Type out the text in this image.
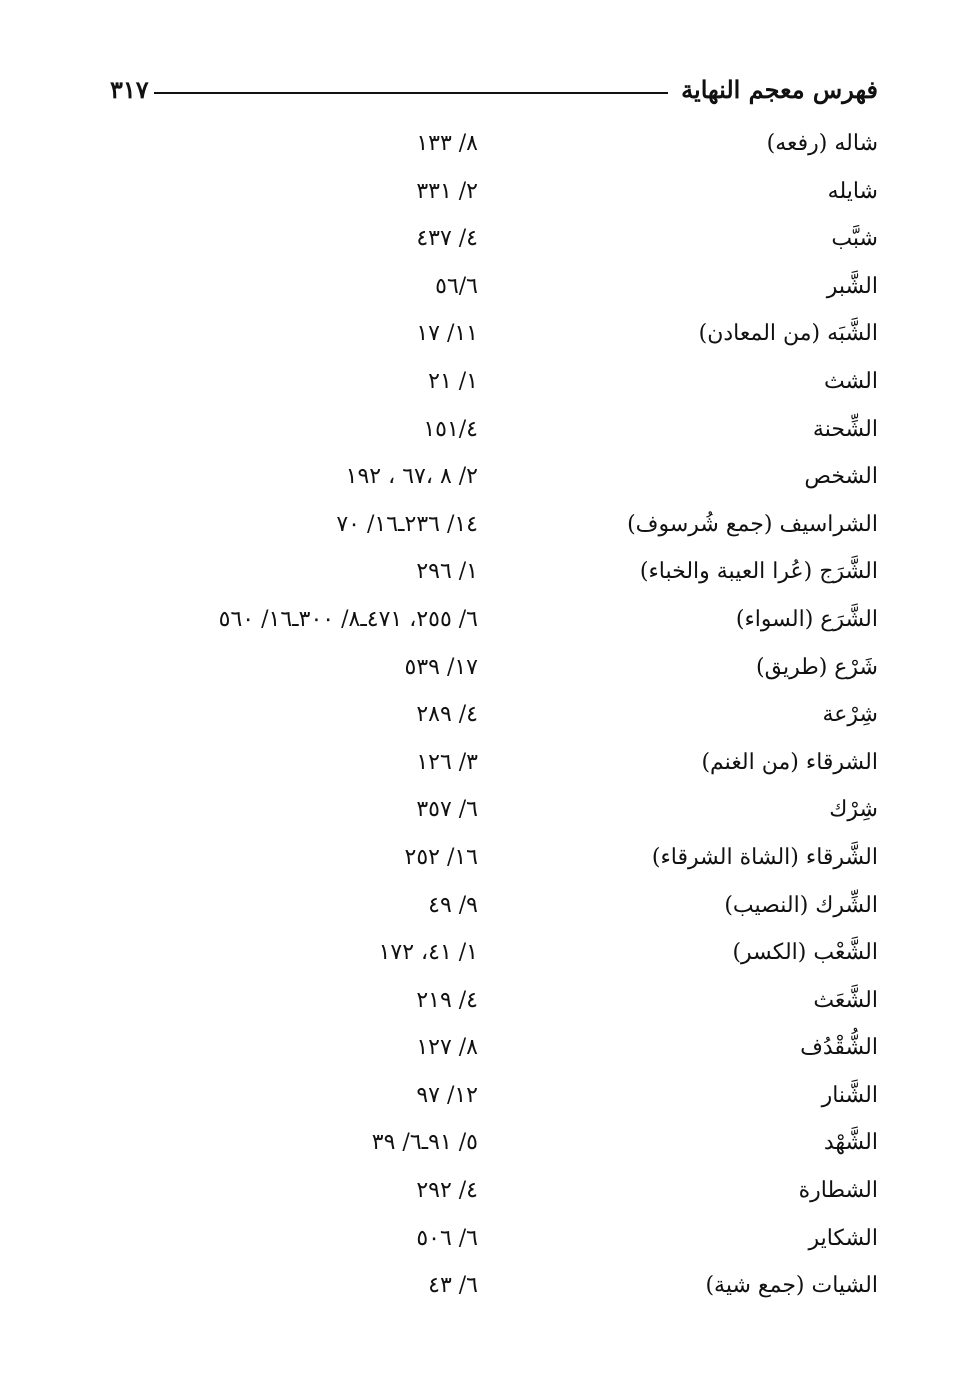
فهرس معجم النهاية
٣١٧
شاله (رفعه)
٨/ ١٣٣
شايله
٢/ ٣٣١
شبَّب
٤/ ٤٣٧
الشَّبر
٥٦/٦
الشَّبَه (من المعادن)
١١/ ١٧
الشث
١/ ٢١
الشِّحنة
١٥١/٤
الشخص
٢/ ٨ ،٦٧ ، ١٩٢
الشراسيف (جمع شُرسوف)
١٤/ ٢٣٦ـ١٦/ ٧٠
الشَّرَج (عُرا العيبة والخباء)
١/ ٢٩٦
الشَّرَع (السواء)
٦/ ٢٥٥، ٤٧١ـ٨/ ٣٠٠ـ١٦/ ٥٦٠
شَرْع (طريق)
١٧/ ٥٣٩
شِرْعة
٤/ ٢٨٩
الشرقاء (من الغنم)
٣/ ١٢٦
شِرْك
٦/ ٣٥٧
الشَّرقاء (الشاة الشرقاء)
١٦/ ٢٥٢
الشِّرك (النصيب)
٩/ ٤٩
الشَّعْب (الكسر)
١/ ٤١، ١٧٢
الشَّعَث
٤/ ٢١٩
الشُّقْدُف
٨/ ١٢٧
الشَّنار
١٢/ ٩٧
الشَّهْد
٥/ ٩١ـ٦/ ٣٩
الشطارة
٤/ ٢٩٢
الشكاير
٦/ ٥٠٦
الشيات (جمع شية)
٦/ ٤٣
